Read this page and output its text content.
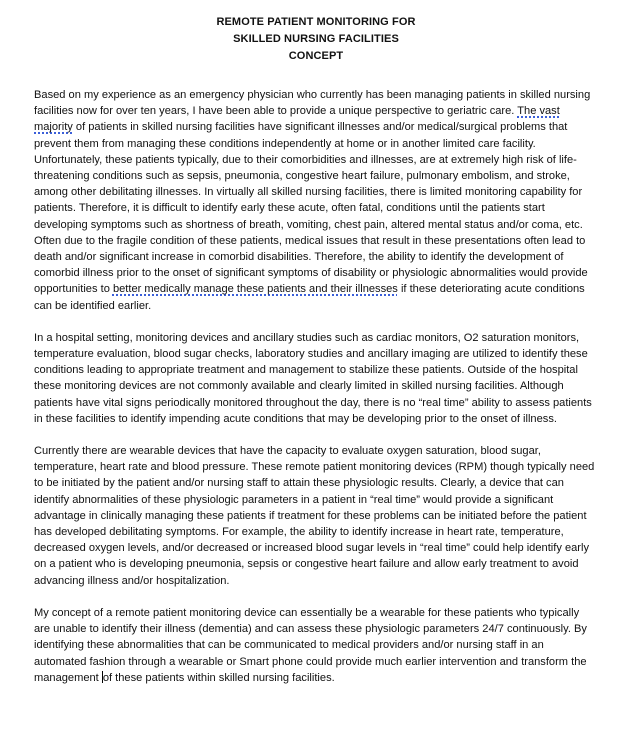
REMOTE PATIENT MONITORING FOR
SKILLED NURSING FACILITIES
CONCEPT

Based on my experience as an emergency physician who currently has been managing patients in skilled nursing facilities now for over ten years, I have been able to provide a unique perspective to geriatric care. The vast majority of patients in skilled nursing facilities have significant illnesses and/or medical/surgical problems that prevent them from managing these conditions independently at home or in another limited care facility. Unfortunately, these patients typically, due to their comorbidities and illnesses, are at extremely high risk of life-threatening conditions such as sepsis, pneumonia, congestive heart failure, pulmonary embolism, and stroke, among other debilitating illnesses. In virtually all skilled nursing facilities, there is limited monitoring capability for patients. Therefore, it is difficult to identify early these acute, often fatal, conditions until the patients start developing symptoms such as shortness of breath, vomiting, chest pain, altered mental status and/or coma, etc. Often due to the fragile condition of these patients, medical issues that result in these presentations often lead to death and/or significant increase in comorbid disabilities. Therefore, the ability to identify the development of comorbid illness prior to the onset of significant symptoms of disability or physiologic abnormalities would provide opportunities to better medically manage these patients and their illnesses if these deteriorating acute conditions can be identified earlier.

In a hospital setting, monitoring devices and ancillary studies such as cardiac monitors, O2 saturation monitors, temperature evaluation, blood sugar checks, laboratory studies and ancillary imaging are utilized to identify these conditions leading to appropriate treatment and management to stabilize these patients. Outside of the hospital these monitoring devices are not commonly available and clearly limited in skilled nursing facilities. Although patients have vital signs periodically monitored throughout the day, there is no “real time” ability to assess patients in these facilities to identify impending acute conditions that may be developing prior to the onset of illness.

Currently there are wearable devices that have the capacity to evaluate oxygen saturation, blood sugar, temperature, heart rate and blood pressure. These remote patient monitoring devices (RPM) though typically need to be initiated by the patient and/or nursing staff to attain these physiologic results. Clearly, a device that can identify abnormalities of these physiologic parameters in a patient in “real time” would provide a significant advantage in clinically managing these patients if treatment for these problems can be initiated before the patient has developed debilitating symptoms. For example, the ability to identify increase in heart rate, temperature, decreased oxygen levels, and/or decreased or increased blood sugar levels in “real time” could help identify early on a patient who is developing pneumonia, sepsis or congestive heart failure and allow early treatment to avoid advancing illness and/or hospitalization.

My concept of a remote patient monitoring device can essentially be a wearable for these patients who typically are unable to identify their illness (dementia) and can assess these physiologic parameters 24/7 continuously. By identifying these abnormalities that can be communicated to medical providers and/or nursing staff in an automated fashion through a wearable or Smart phone could provide much earlier intervention and transform the management of these patients within skilled nursing facilities.
